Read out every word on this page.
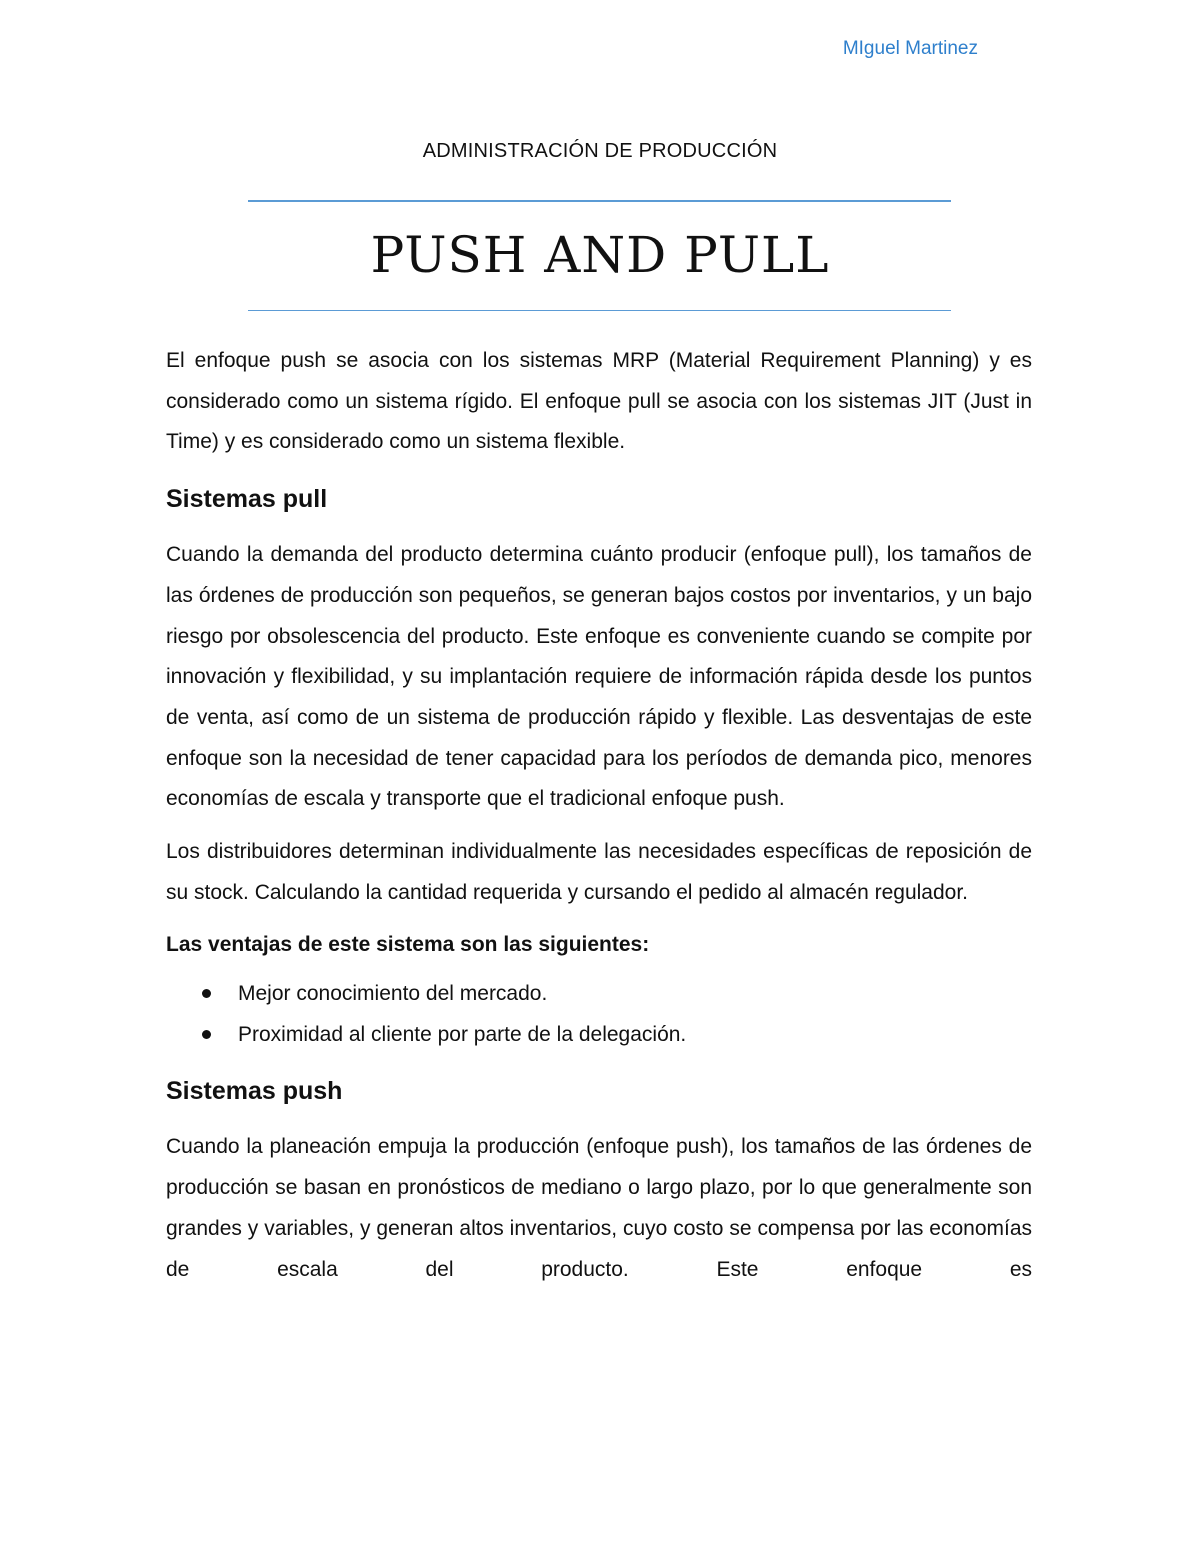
MIguel Martinez
ADMINISTRACIÓN DE PRODUCCIÓN
PUSH AND PULL

El enfoque push se asocia con los sistemas MRP (Material Requirement Planning) y es considerado como un sistema rígido. El enfoque pull se asocia con los sistemas JIT (Just in Time) y es considerado como un sistema flexible.

Sistemas pull

Cuando la demanda del producto determina cuánto producir (enfoque pull), los tamaños de las órdenes de producción son pequeños, se generan bajos costos por inventarios, y un bajo riesgo por obsolescencia del producto. Este enfoque es conveniente cuando se compite por innovación y flexibilidad, y su implantación requiere de información rápida desde los puntos de venta, así como de un sistema de producción rápido y flexible. Las desventajas de este enfoque son la necesidad de tener capacidad para los períodos de demanda pico, menores economías de escala y transporte que el tradicional enfoque push.

Los distribuidores determinan individualmente las necesidades específicas de reposición de su stock. Calculando la cantidad requerida y cursando el pedido al almacén regulador.

Las ventajas de este sistema son las siguientes:
Mejor conocimiento del mercado.
Proximidad al cliente por parte de la delegación.
Sistemas push

Cuando la planeación empuja la producción (enfoque push), los tamaños de las órdenes de producción se basan en pronósticos de mediano o largo plazo, por lo que generalmente son grandes y variables, y generan altos inventarios, cuyo costo se compensa por las economías de escala del producto. Este enfoque es
